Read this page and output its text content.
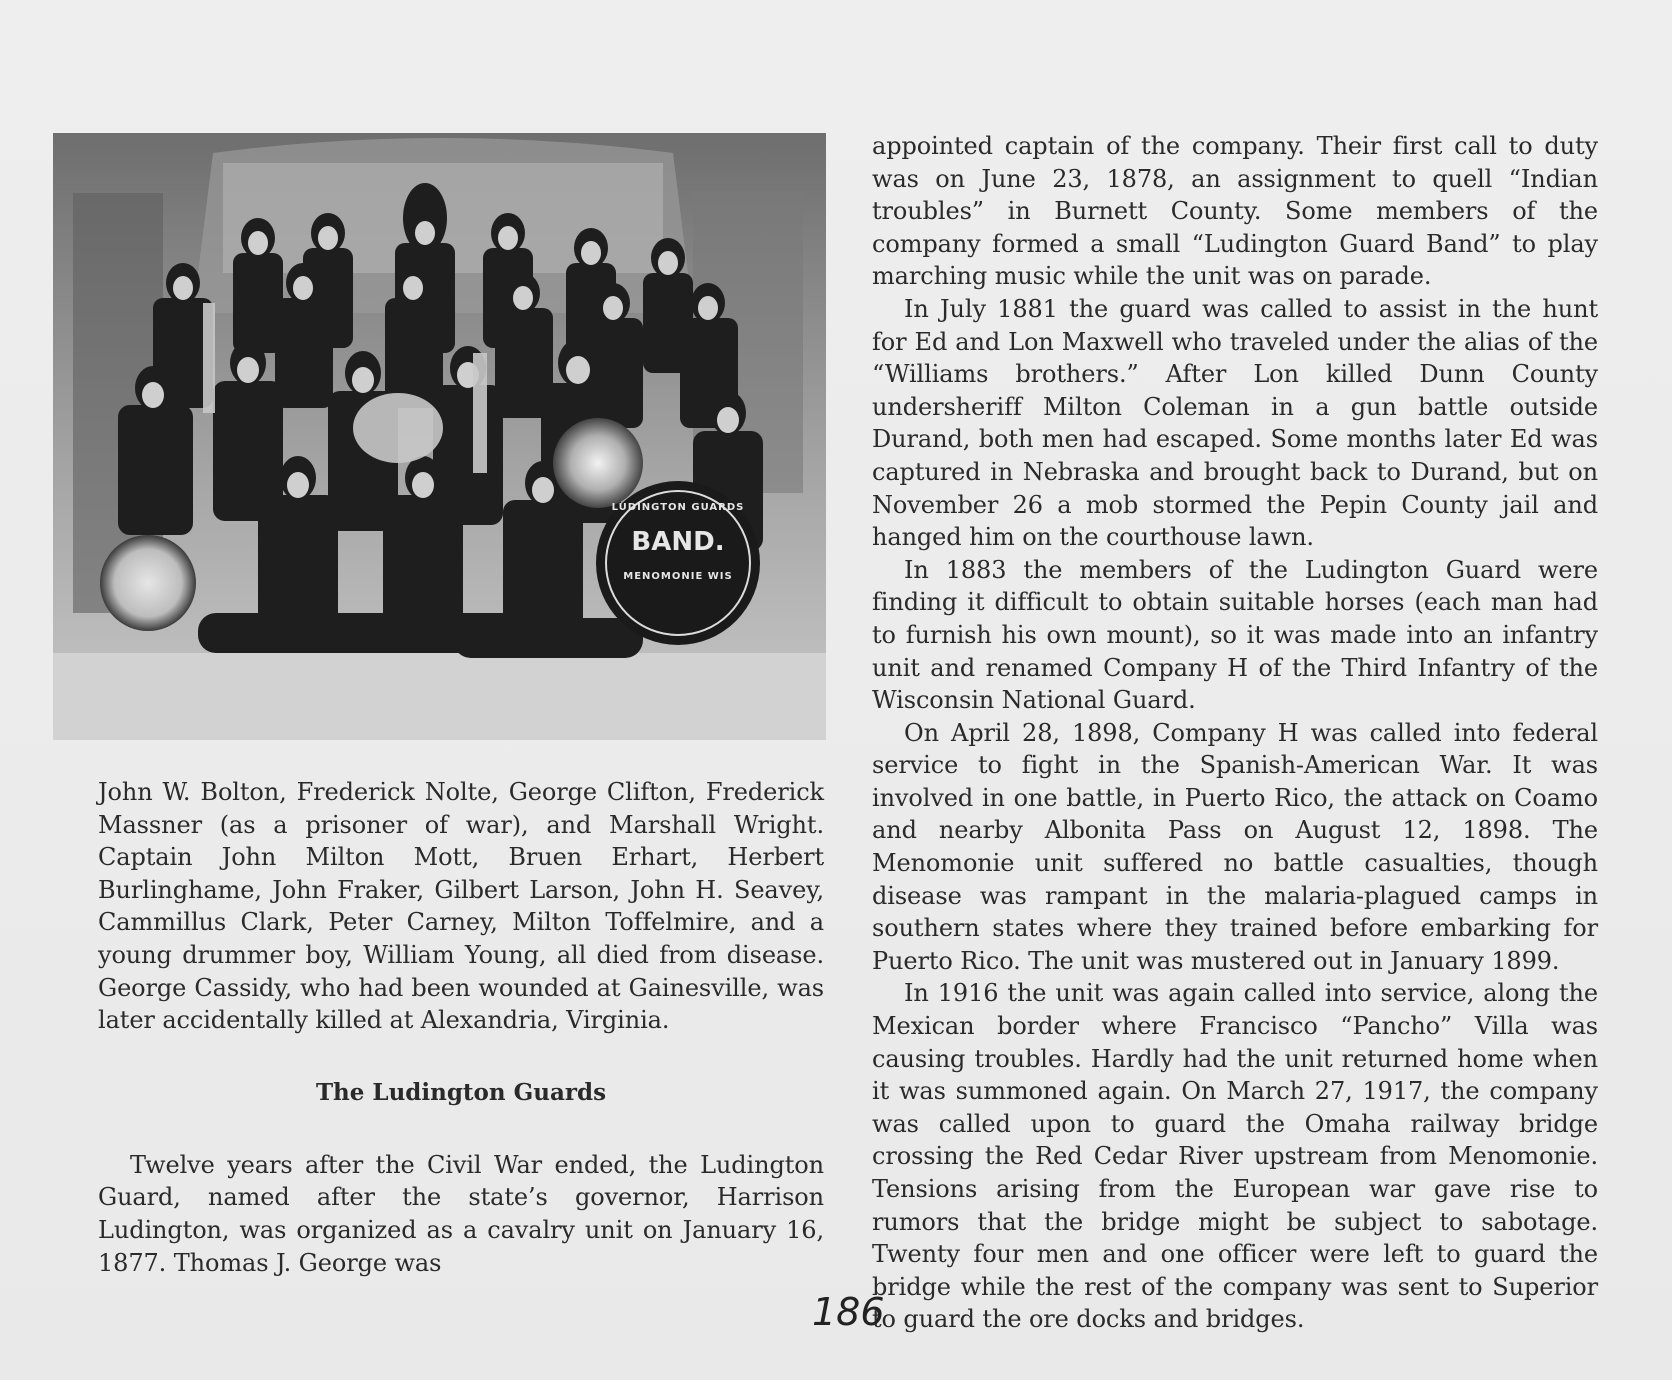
LUDINGTON GUARDS
BAND.
MENOMONIE WIS

John W. Bolton, Frederick Nolte, George Clifton, Frederick Massner (as a prisoner of war), and Marshall Wright. Captain John Milton Mott, Bruen Erhart, Herbert Burlinghame, John Fraker, Gilbert Larson, John H. Seavey, Cammillus Clark, Peter Carney, Milton Toffelmire, and a young drummer boy, William Young, all died from disease. George Cassidy, who had been wounded at Gainesville, was later accidentally killed at Alexandria, Virginia.

The Ludington Guards

Twelve years after the Civil War ended, the Ludington Guard, named after the state’s governor, Harrison Ludington, was organized as a cavalry unit on January 16, 1877. Thomas J. George was

appointed captain of the company. Their first call to duty was on June 23, 1878, an assignment to quell “Indian troubles” in Burnett County. Some members of the company formed a small “Ludington Guard Band” to play marching music while the unit was on parade.

In July 1881 the guard was called to assist in the hunt for Ed and Lon Maxwell who traveled under the alias of the “Williams brothers.” After Lon killed Dunn County undersheriff Milton Coleman in a gun battle outside Durand, both men had escaped. Some months later Ed was captured in Nebraska and brought back to Durand, but on November 26 a mob stormed the Pepin County jail and hanged him on the courthouse lawn.

In 1883 the members of the Ludington Guard were finding it difficult to obtain suitable horses (each man had to furnish his own mount), so it was made into an infantry unit and renamed Company H of the Third Infantry of the Wisconsin National Guard.

On April 28, 1898, Company H was called into federal service to fight in the Spanish-American War. It was involved in one battle, in Puerto Rico, the attack on Coamo and nearby Albonita Pass on August 12, 1898. The Menomonie unit suffered no battle casualties, though disease was rampant in the malaria-plagued camps in southern states where they trained before embarking for Puerto Rico. The unit was mustered out in January 1899.

In 1916 the unit was again called into service, along the Mexican border where Francisco “Pancho” Villa was causing troubles. Hardly had the unit returned home when it was summoned again. On March 27, 1917, the company was called upon to guard the Omaha railway bridge crossing the Red Cedar River upstream from Menomonie. Tensions arising from the European war gave rise to rumors that the bridge might be subject to sabotage. Twenty four men and one officer were left to guard the bridge while the rest of the company was sent to Superior to guard the ore docks and bridges.

186
